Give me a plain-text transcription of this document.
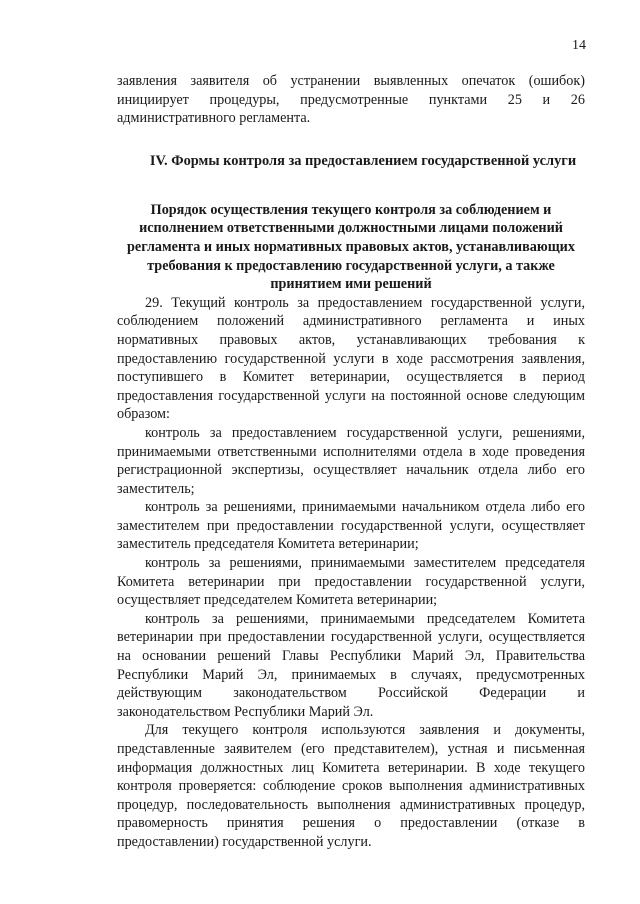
14

заявления заявителя об устранении выявленных опечаток (ошибок) инициирует процедуры, предусмотренные пунктами 25 и 26 административного регламента.

IV. Формы контроля за предоставлением государственной услуги
Порядок осуществления текущего контроля за соблюдением и исполнением ответственными должностными лицами положений регламента и иных нормативных правовых актов, устанавливающих требования к предоставлению государственной услуги, а также принятием ими решений

29. Текущий контроль за предоставлением государственной услуги, соблюдением положений административного регламента и иных нормативных правовых актов, устанавливающих требования к предоставлению государственной услуги в ходе рассмотрения заявления, поступившего в Комитет ветеринарии, осуществляется в период предоставления государственной услуги на постоянной основе следующим образом:

контроль за предоставлением государственной услуги, решениями, принимаемыми ответственными исполнителями отдела в ходе проведения регистрационной экспертизы, осуществляет начальник отдела либо его заместитель;

контроль за решениями, принимаемыми начальником отдела либо его заместителем при предоставлении государственной услуги, осуществляет заместитель председателя Комитета ветеринарии;

контроль за решениями, принимаемыми заместителем председателя Комитета ветеринарии при предоставлении государственной услуги, осуществляет председателем Комитета ветеринарии;

контроль за решениями, принимаемыми председателем Комитета ветеринарии при предоставлении государственной услуги, осуществляется на основании решений Главы Республики Марий Эл, Правительства Республики Марий Эл, принимаемых в случаях, предусмотренных действующим законодательством Российской Федерации и законодательством Республики Марий Эл.

Для текущего контроля используются заявления и документы, представленные заявителем (его представителем), устная и письменная информация должностных лиц Комитета ветеринарии. В ходе текущего контроля проверяется: соблюдение сроков выполнения административных процедур, последовательность выполнения административных процедур, правомерность принятия решения о предоставлении (отказе в предоставлении) государственной услуги.
